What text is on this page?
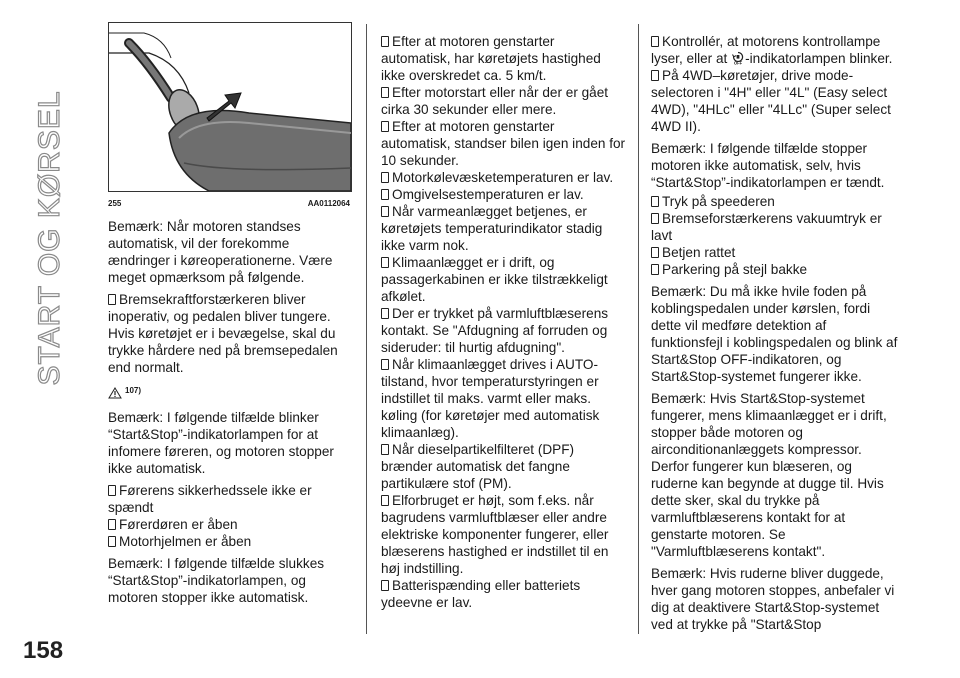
START OG KØRSEL
158
255	AA0112064

Bemærk: Når motoren standses automatisk, vil der forekomme ændringer i køreoperationerne. Være meget opmærksom på følgende.

Bremsekraftforstærkeren bliver inoperativ, og pedalen bliver tungere. Hvis køretøjet er i bevægelse, skal du trykke hårdere ned på bremsepedalen end normalt.
107)

Bemærk: I følgende tilfælde blinker “Start&Stop”-indikatorlampen for at infomere føreren, og motoren stopper ikke automatisk.

Førerens sikkerhedssele ikke er spændt
Førerdøren er åben
Motorhjelmen er åben

Bemærk: I følgende tilfælde slukkes “Start&Stop”-indikatorlampen, og motoren stopper ikke automatisk.

Efter at motoren genstarter automatisk, har køretøjets hastighed ikke overskredet ca. 5 km/t.
Efter motorstart eller når der er gået cirka 30 sekunder eller mere.
Efter at motoren genstarter automatisk, standser bilen igen inden for 10 sekunder.
Motorkølevæsketemperaturen er lav.
Omgivelsestemperaturen er lav.
Når varmeanlægget betjenes, er køretøjets temperaturindikator stadig ikke varm nok.
Klimaanlægget er i drift, og passagerkabinen er ikke tilstrækkeligt afkølet.
Der er trykket på varmluftblæserens kontakt. Se "Afdugning af forruden og sideruder: til hurtig afdugning".
Når klimaanlægget drives i AUTO-tilstand, hvor temperaturstyringen er indstillet til maks. varmt eller maks. køling (for køretøjer med automatisk klimaanlæg).
Når dieselpartikelfilteret (DPF) brænder automatisk det fangne partikulære stof (PM).
Elforbruget er højt, som f.eks. når bagrudens varmluftblæser eller andre elektriske komponenter fungerer, eller blæserens hastighed er indstillet til en høj indstilling.
Batterispænding eller batteriets ydeevne er lav.
Kontrollér, at motorens kontrollampe lyser, eller at OFF -indikatorlampen blinker.
På 4WD–køretøjer, drive mode-selectoren i "4H" eller "4L" (Easy select 4WD), "4HLc" eller "4LLc" (Super select 4WD II).

Bemærk: I følgende tilfælde stopper motoren ikke automatisk, selv, hvis “Start&Stop”-indikatorlampen er tændt.

Tryk på speederen
Bremseforstærkerens vakuumtryk er lavt
Betjen rattet
Parkering på stejl bakke

Bemærk: Du må ikke hvile foden på koblingspedalen under kørslen, fordi dette vil medføre detektion af funktionsfejl i koblingspedalen og blink af Start&Stop OFF-indikatoren, og Start&Stop-systemet fungerer ikke.

Bemærk: Hvis Start&Stop-systemet fungerer, mens klimaanlægget er i drift, stopper både motoren og airconditionanlæggets kompressor. Derfor fungerer kun blæseren, og ruderne kan begynde at dugge til. Hvis dette sker, skal du trykke på varmluftblæserens kontakt for at genstarte motoren. Se "Varmluftblæserens kontakt".

Bemærk: Hvis ruderne bliver duggede, hver gang motoren stoppes, anbefaler vi dig at deaktivere Start&Stop-systemet ved at trykke på "Start&Stop
